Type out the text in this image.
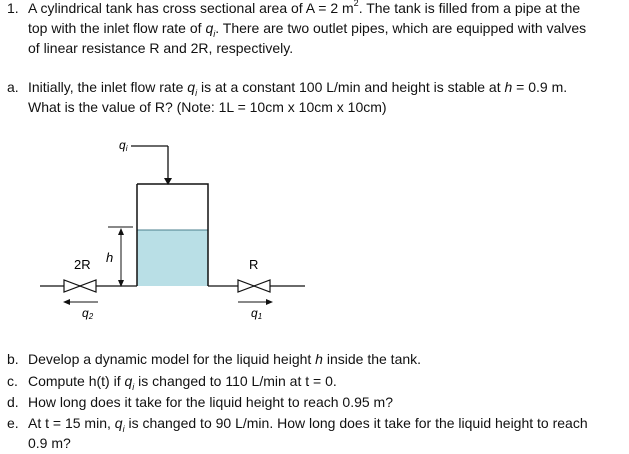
1. A cylindrical tank has cross sectional area of A = 2 $m^2$. The tank is filled from a pipe at the
top with the inlet flow rate of $q_i$. There are two outlet pipes, which are equipped with valves
of linear resistance R and 2R, respectively.
a. Initially, the inlet flow rate $q_i$ is at a constant 100 L/min and height is stable at h = 0.9 m.
What is the value of R? (Note: 1L = 10cm x 10cm x 10cm)
qi
h
2R
q2
R
q1
b. Develop a dynamic model for the liquid height h inside the tank.
c. Compute h(t) if $q_i$ is changed to 110 L/min at t = 0.
d. How long does it take for the liquid height to reach 0.95 m?
e. At t = 15 min, $q_i$ is changed to 90 L/min. How long does it take for the liquid height to reach
0.9 m?
